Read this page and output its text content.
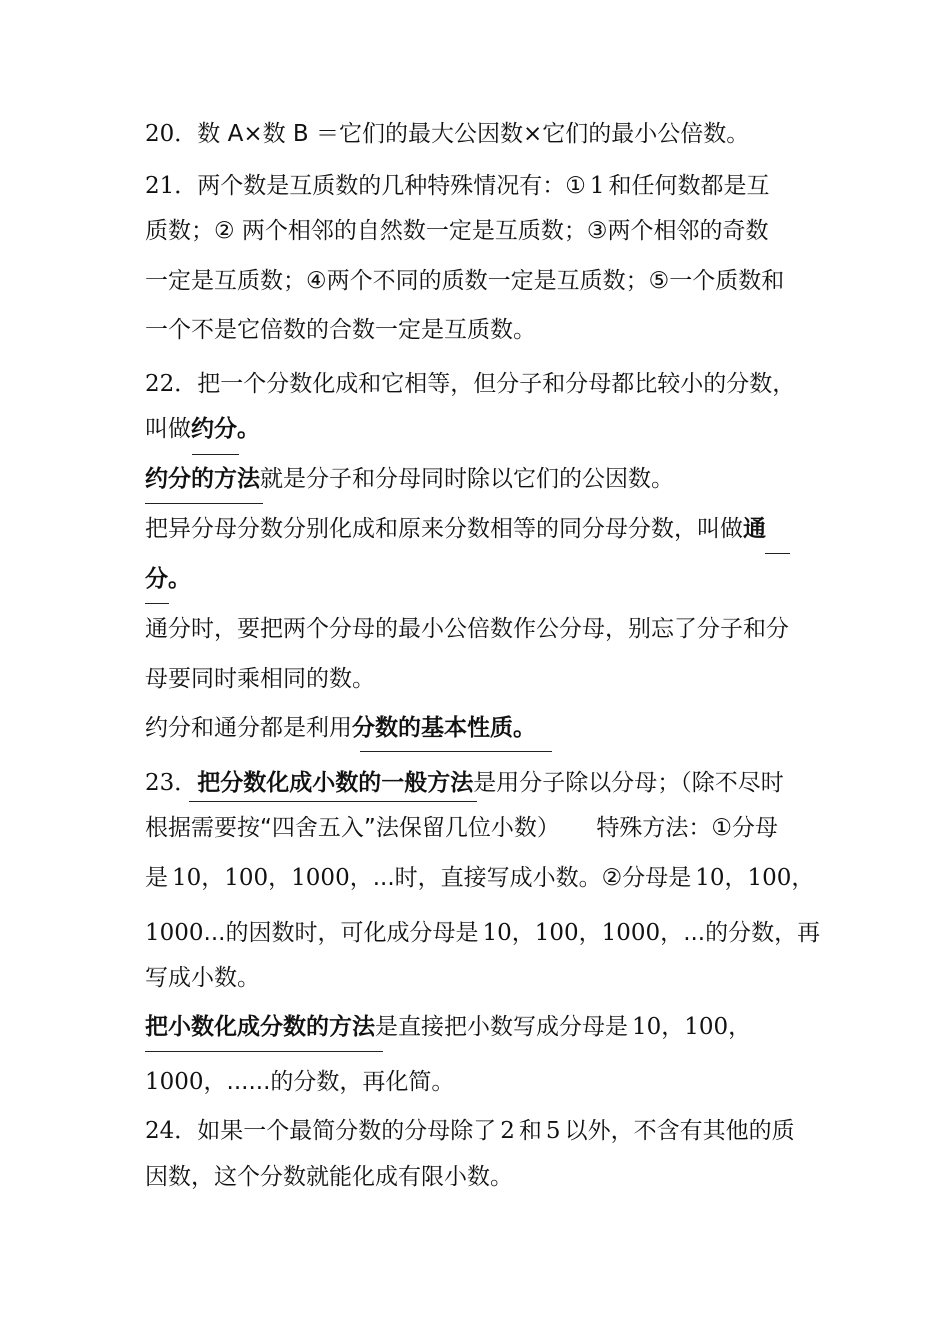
20．数 A×数 B ＝它们的最大公因数×它们的最小公倍数。
21．两个数是互质数的几种特殊情况有：① 1 和任何数都是互
质数；② 两个相邻的自然数一定是互质数；③两个相邻的奇数
一定是互质数；④两个不同的质数一定是互质数；⑤一个质数和
一个不是它倍数的合数一定是互质数。
22．把一个分数化成和它相等，但分子和分母都比较小的分数，
叫做约分。
约分的方法就是分子和分母同时除以它们的公因数。
把异分母分数分别化成和原来分数相等的同分母分数，叫做通
分。
通分时，要把两个分母的最小公倍数作公分母，别忘了分子和分
母要同时乘相同的数。
约分和通分都是利用分数的基本性质。
23．把分数化成小数的一般方法是用分子除以分母；（除不尽时
根据需要按“四舍五入”法保留几位小数）     特殊方法：①分母
是 10，100，1000，...时，直接写成小数。②分母是 10，100，
1000...的因数时，可化成分母是 10，100，1000，...的分数，再
写成小数。
把小数化成分数的方法是直接把小数写成分母是 10，100，
1000，......的分数，再化简。
24．如果一个最简分数的分母除了 2 和 5 以外，不含有其他的质
因数，这个分数就能化成有限小数。
